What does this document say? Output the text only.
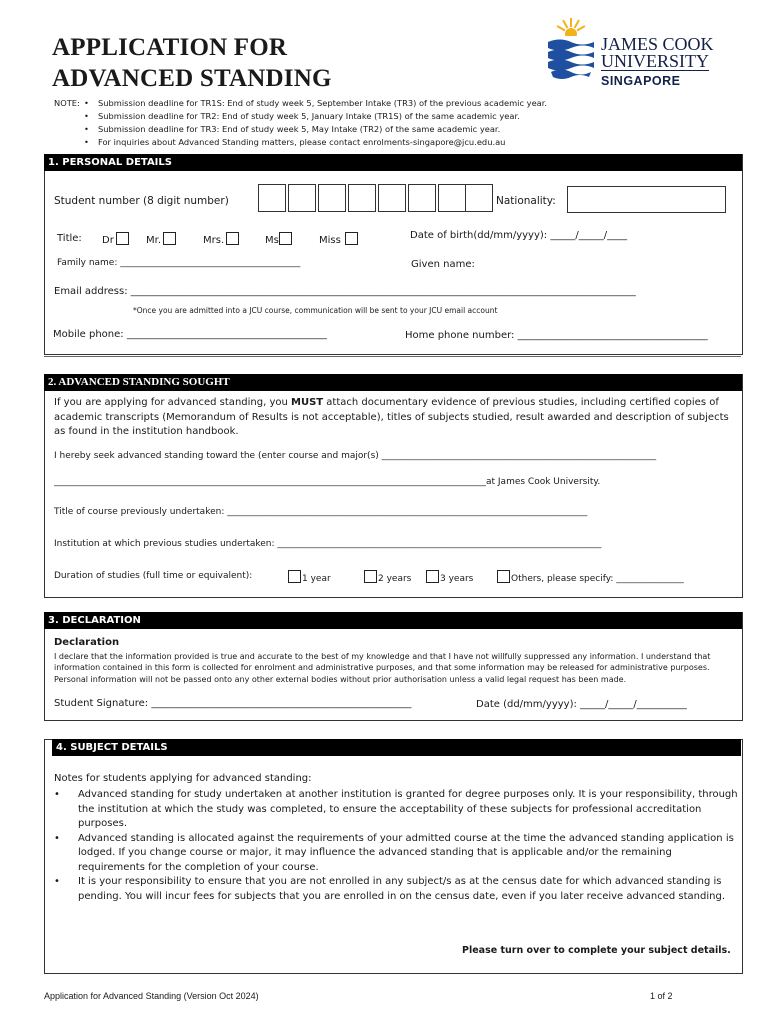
APPLICATION FOR
ADVANCED STANDING
JAMES COOK
UNIVERSITY
SINGAPORE
NOTE:
•	Submission deadline for TR1S: End of study week 5, September Intake (TR3) of the previous academic year.
• Submission deadline for TR2: End of study week 5, January Intake (TR1S) of the same academic year.
• Submission deadline for TR3: End of study week 5, May Intake (TR2) of the same academic year.
• For inquiries about Advanced Standing matters, please contact enrolments-singapore@jcu.edu.au
1. PERSONAL DETAILS
Student number (8 digit number)	Nationality:
Title: Dr	Mr.	Mrs.	Ms	Miss	Date of birth(dd/mm/yyyy): _____/_____/____
Family name: ________________________________________	Given name:
Email address: _____________________________________________________________________________________________________
*Once you are admitted into a JCU course, communication will be sent to your JCU email account
Mobile phone: ________________________________________	Home phone number: ______________________________________
2. ADVANCED STANDING SOUGHT
If you are applying for advanced standing, you MUST attach documentary evidence of previous studies, including certified copies of academic transcripts (Memorandum of Results is not acceptable), titles of subjects studied, result awarded and description of subjects as found in the institution handbook.
I hereby seek advanced standing toward the (enter course and major(s) _____________________________________________________________
________________________________________________________________________________________________at James Cook University.
Title of course previously undertaken: ________________________________________________________________________________
Institution at which previous studies undertaken: ________________________________________________________________________
Duration of studies (full time or equivalent):	1 year	2 years	3 years	Others, please specify: _______________
3. DECLARATION
Declaration
I declare that the information provided is true and accurate to the best of my knowledge and that I have not willfully suppressed any information. I understand that information contained in this form is collected for enrolment and administrative purposes, and that some information may be released for administrative purposes. Personal information will not be passed onto any other external bodies without prior authorisation unless a valid legal request has been made.
Student Signature: ____________________________________________________	Date (dd/mm/yyyy): _____/_____/__________
4. SUBJECT DETAILS
Notes for students applying for advanced standing:
• Advanced standing for study undertaken at another institution is granted for degree purposes only. It is your responsibility, through the institution at which the study was completed, to ensure the acceptability of these subjects for professional accreditation purposes.
• Advanced standing is allocated against the requirements of your admitted course at the time the advanced standing application is lodged. If you change course or major, it may influence the advanced standing that is applicable and/or the remaining requirements for the completion of your course.
• It is your responsibility to ensure that you are not enrolled in any subject/s as at the census date for which advanced standing is pending. You will incur fees for subjects that you are enrolled in on the census date, even if you later receive advanced standing.
Please turn over to complete your subject details.
Application for Advanced Standing (Version Oct 2024)	1 of 2
